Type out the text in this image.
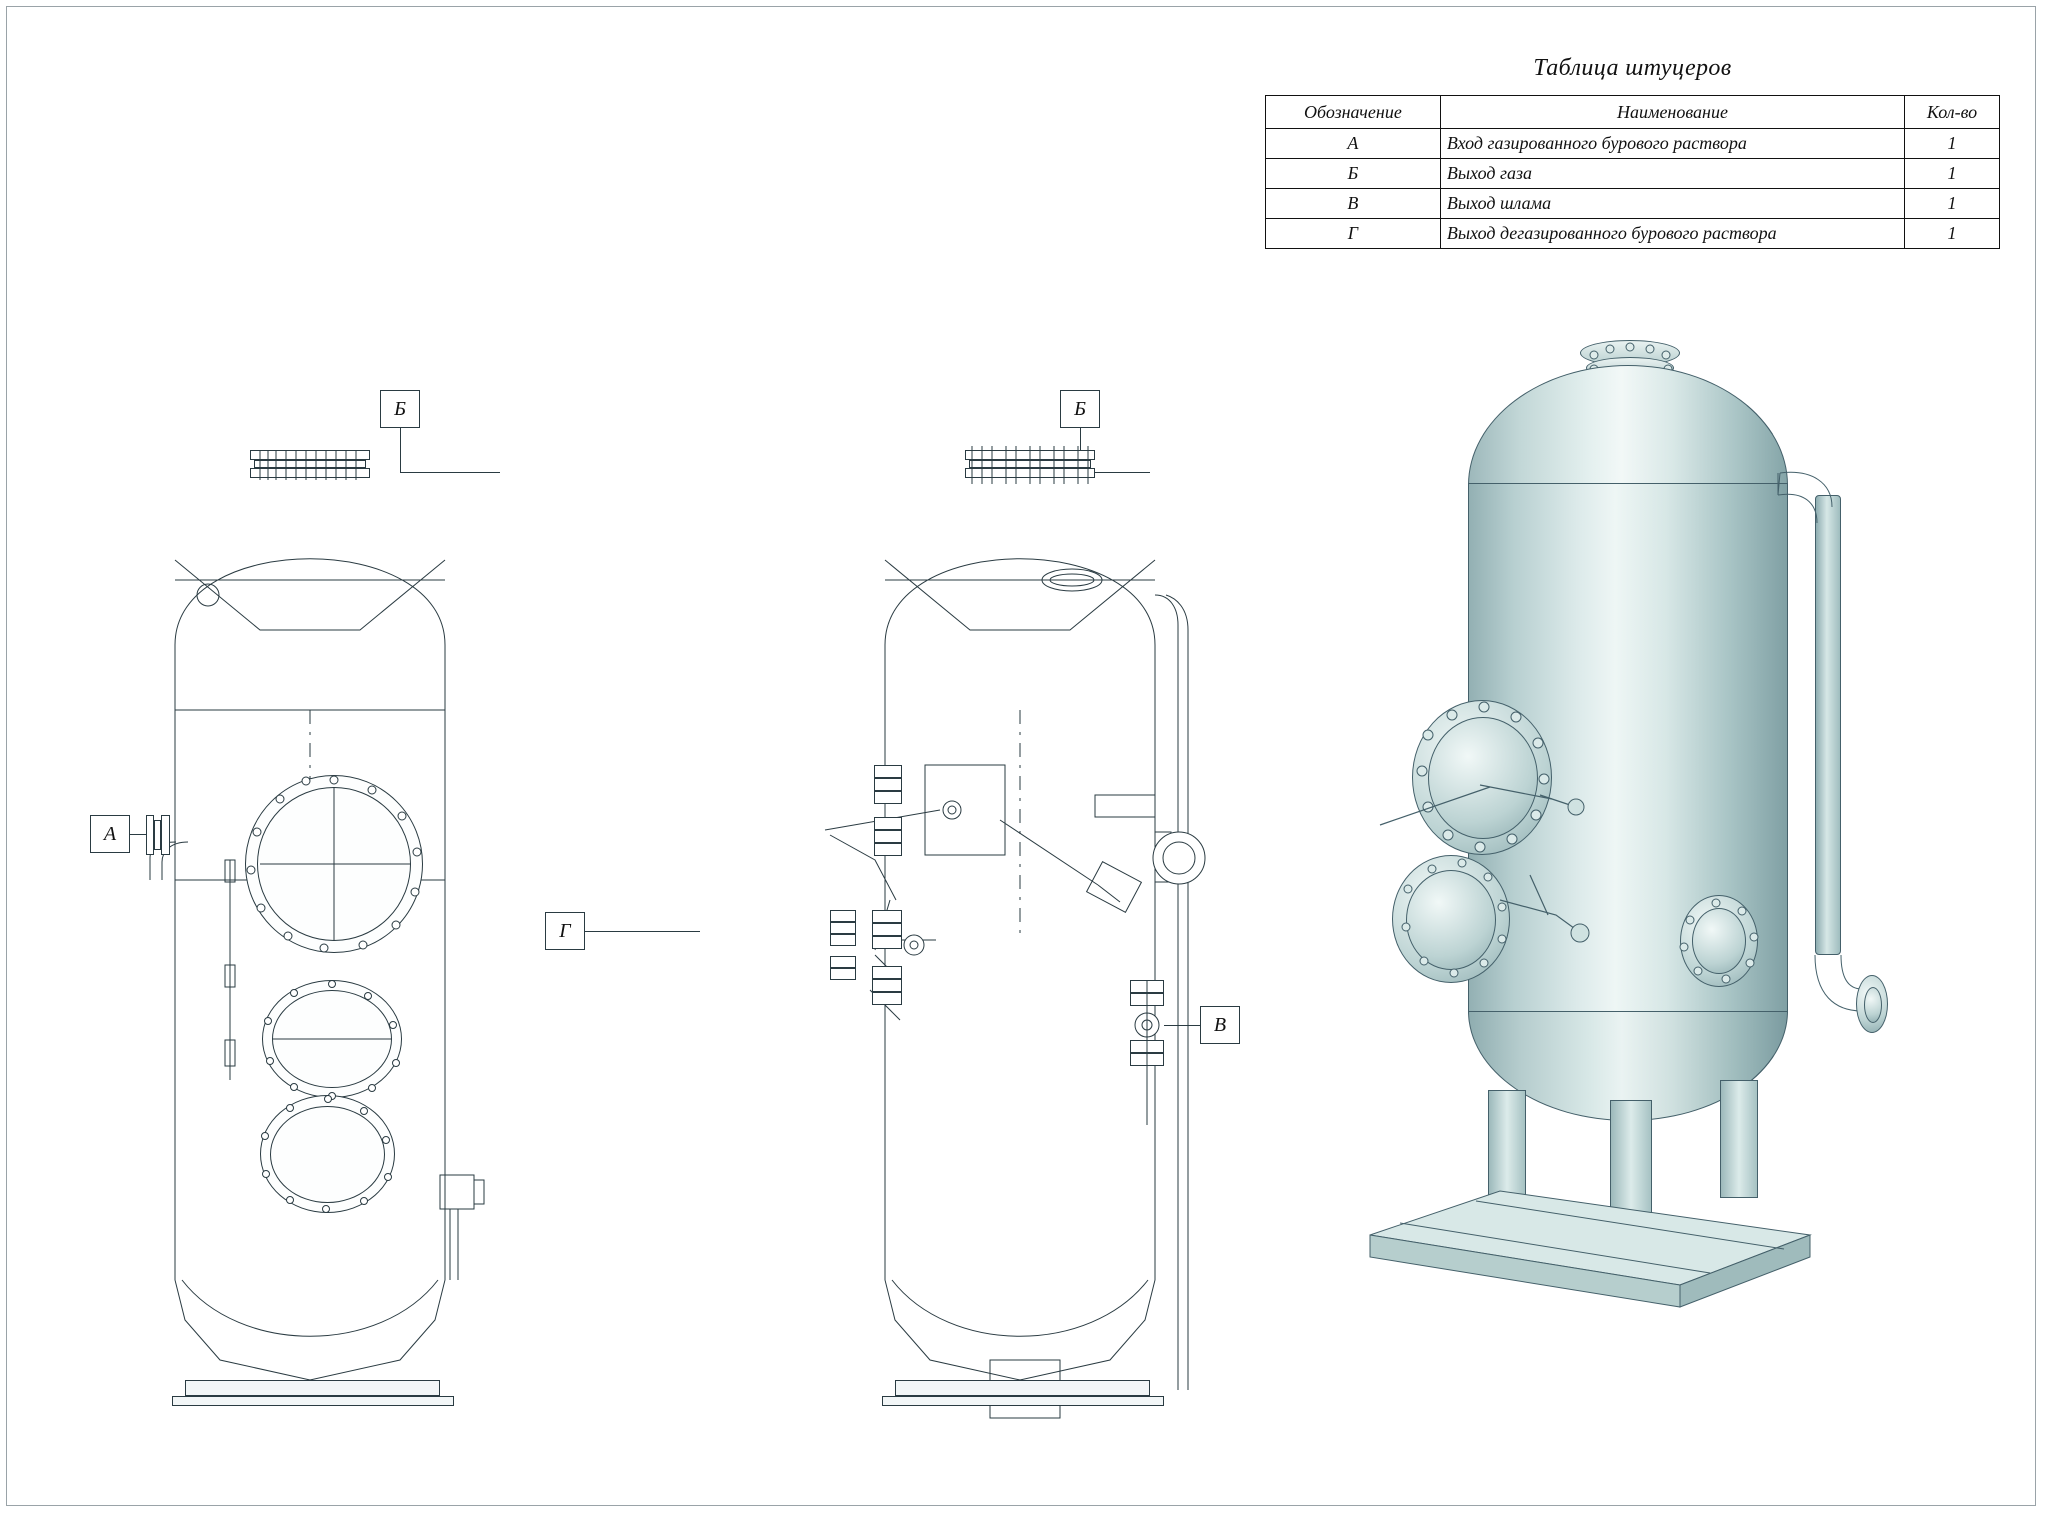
Таблица штуцеров
Обозначение	Наименование	Кол-во
А	Вход газированного бурового раствора	1
Б	Выход газа	1
В	Выход шлама	1
Г	Выход дегазированного бурового раствора	1
Б
А
Б
Г
В
